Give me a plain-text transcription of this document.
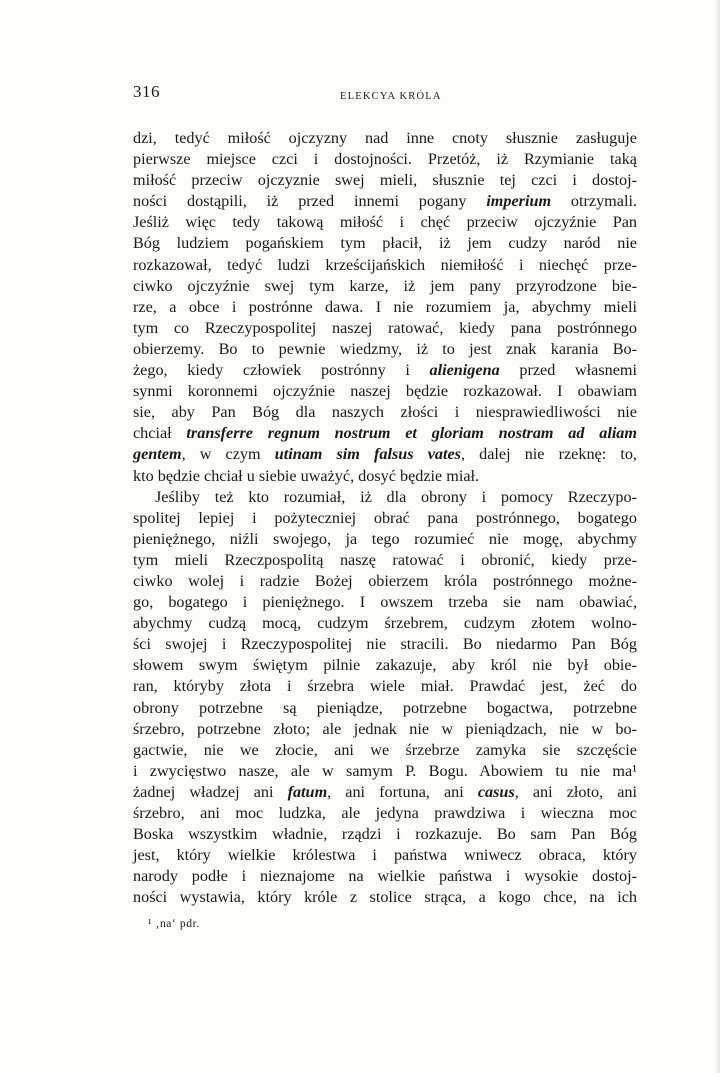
316	ELEKCYA KRÓLA
dzi, tedyć miłość ojczyzny nad inne cnoty słusznie zasługuje
pierwsze miejsce czci i dostojności. Przetóż, iż Rzymianie taką
miłość przeciw ojczyznie swej mieli, słusznie tej czci i dostoj-
ności dostąpili, iż przed innemi pogany imperium otrzymali.
Jeśliż więc tedy takową miłość i chęć przeciw ojczyźnie Pan
Bóg ludziem pogańskiem tym płacił, iż jem cudzy naród nie
rozkazował, tedyć ludzi krześcijańskich niemiłość i niechęć prze-
ciwko ojczyźnie swej tym karze, iż jem pany przyrodzone bie-
rze, a obce i postrónne dawa. I nie rozumiem ja, abychmy mieli
tym co Rzeczypospolitej naszej ratować, kiedy pana postrónnego
obierzemy. Bo to pewnie wiedzmy, iż to jest znak karania Bo-
żego, kiedy człowiek postrónny i alienigena przed własnemi
synmi koronnemi ojczyźnie naszej będzie rozkazował. I obawiam
sie, aby Pan Bóg dla naszych złości i niesprawiedliwości nie
chciał transferre regnum nostrum et gloriam nostram ad aliam
gentem, w czym utinam sim falsus vates, dalej nie rzeknę: to,
kto będzie chciał u siebie uważyć, dosyć będzie miał.
Jeśliby też kto rozumiał, iż dla obrony i pomocy Rzeczypo-
spolitej lepiej i pożyteczniej obrać pana postrónnego, bogatego
pieniężnego, niźli swojego, ja tego rozumieć nie mogę, abychmy
tym mieli Rzeczpospolitą naszę ratować i obronić, kiedy prze-
ciwko wolej i radzie Bożej obierzem króla postrónnego możne-
go, bogatego i pieniężnego. I owszem trzeba sie nam obawiać,
abychmy cudzą mocą, cudzym śrzebrem, cudzym złotem wolno-
ści swojej i Rzeczypospolitej nie stracili. Bo niedarmo Pan Bóg
słowem swym świętym pilnie zakazuje, aby król nie był obie-
ran, któryby złota i śrzebra wiele miał. Prawdać jest, żeć do
obrony potrzebne są pieniądze, potrzebne bogactwa, potrzebne
śrzebro, potrzebne złoto; ale jednak nie w pieniądzach, nie w bo-
gactwie, nie we złocie, ani we śrzebrze zamyka sie szczęście
i zwycięstwo nasze, ale w samym P. Bogu. Abowiem tu nie ma¹
żadnej władzej ani fatum, ani fortuna, ani casus, ani złoto, ani
śrzebro, ani moc ludzka, ale jedyna prawdziwa i wieczna moc
Boska wszystkim władnie, rządzi i rozkazuje. Bo sam Pan Bóg
jest, który wielkie królestwa i państwa wniwecz obraca, który
narody podłe i nieznajome na wielkie państwa i wysokie dostoj-
ności wystawia, który króle z stolice strąca, a kogo chce, na ich
¹ ‚na‘ pdr.
